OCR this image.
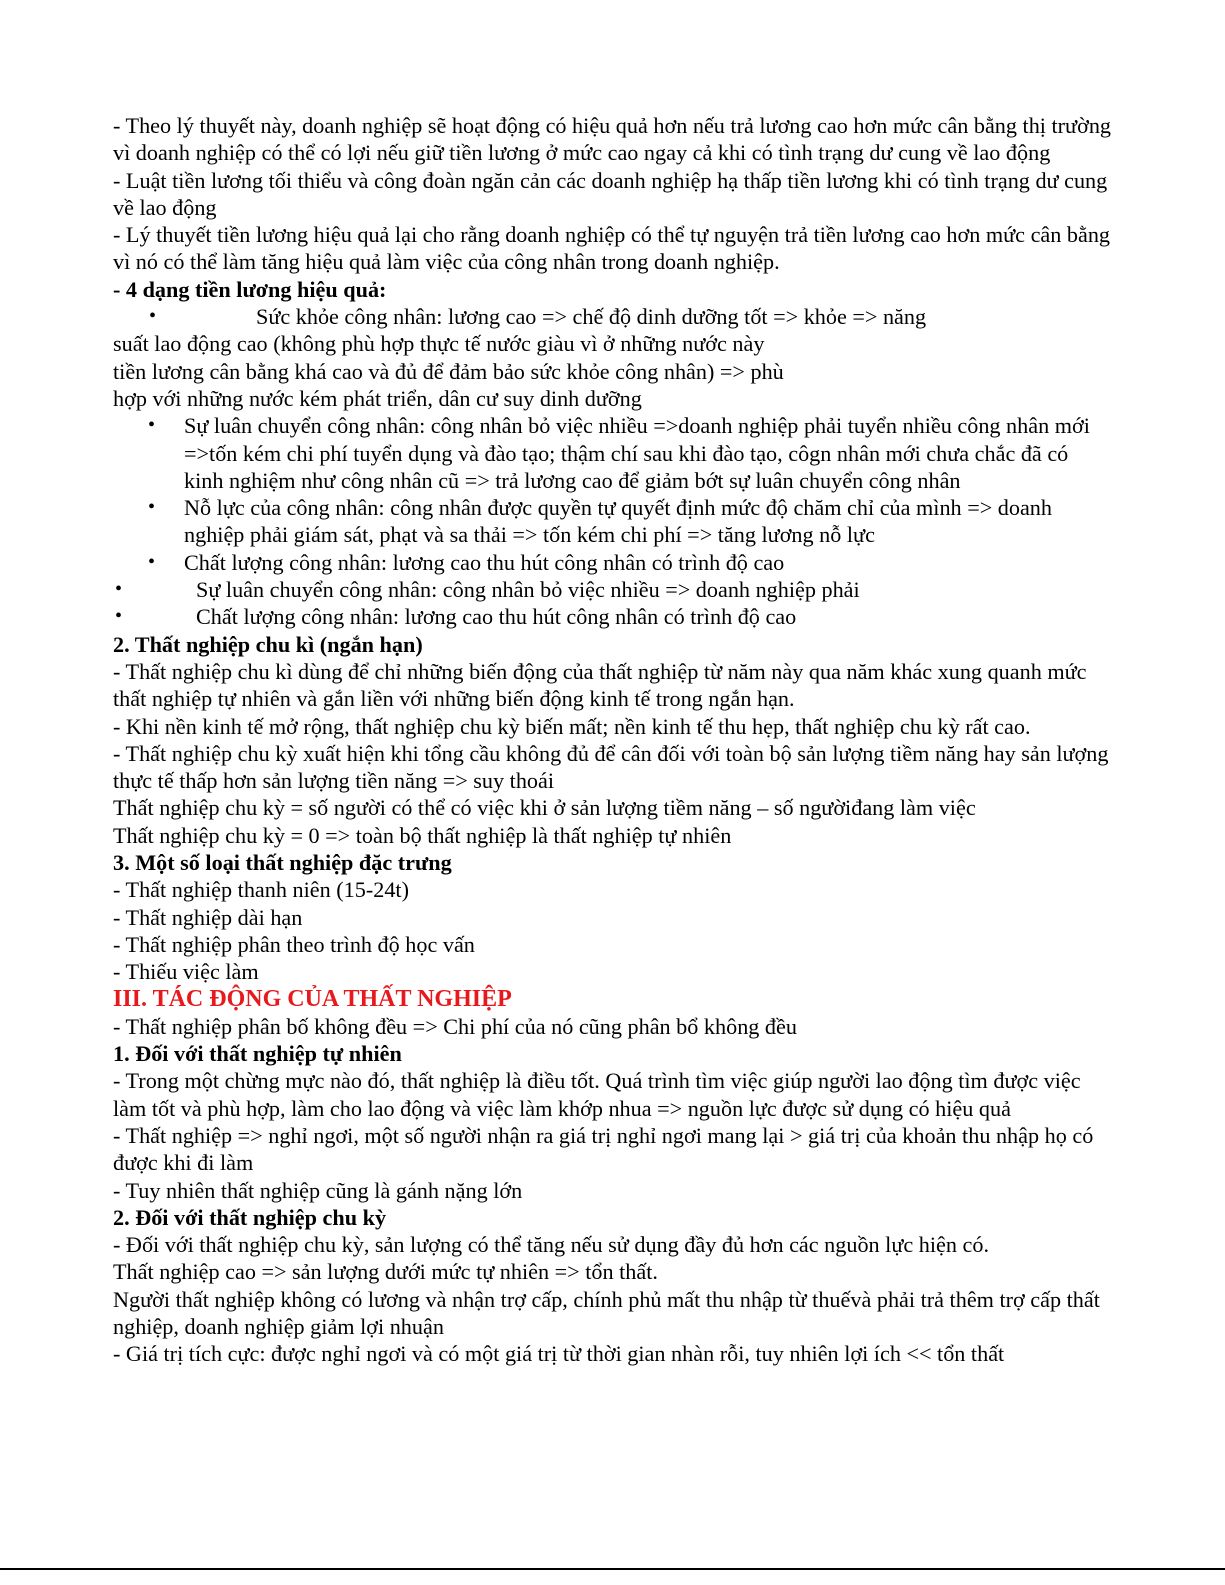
- Theo lý thuyết này, doanh nghiệp sẽ hoạt động có hiệu quả hơn nếu trả lương cao hơn mức cân bằng thị trường vì doanh nghiệp có thể có lợi nếu giữ tiền lương ở mức cao ngay cả khi có tình trạng dư cung về lao động

- Luật tiền lương tối thiểu và công đoàn ngăn cản các doanh nghiệp hạ thấp tiền lương khi có tình trạng dư cung về lao động

- Lý thuyết tiền lương hiệu quả lại cho rằng doanh nghiệp có thể tự nguyện trả tiền lương cao hơn mức cân bằng vì nó có thể làm tăng hiệu quả làm việc của công nhân trong doanh nghiệp.

- 4 dạng tiền lương hiệu quả:

•	Sức khỏe công nhân: lương cao => chế độ dinh dưỡng tốt => khỏe => năng

suất lao động cao (không phù hợp thực tế nước giàu vì ở những nước này

tiền lương cân bằng khá cao và đủ để đảm bảo sức khỏe công nhân) => phù

hợp với những nước kém phát triển, dân cư suy dinh dưỡng

• Sự luân chuyển công nhân: công nhân bỏ việc nhiều =>doanh nghiệp phải tuyển nhiều công nhân mới =>tốn kém chi phí tuyển dụng và đào tạo; thậm chí sau khi đào tạo, côgn nhân mới chưa chắc đã có kinh nghiệm như công nhân cũ => trả lương cao để giảm bớt sự luân chuyển công nhân
• Nỗ lực của công nhân: công nhân được quyền tự quyết định mức độ chăm chỉ của mình => doanh nghiệp phải giám sát, phạt và sa thải => tốn kém chi phí => tăng lương nỗ lực
• Chất lượng công nhân: lương cao thu hút công nhân có trình độ cao
•	Sự luân chuyển công nhân: công nhân bỏ việc nhiều => doanh nghiệp phải
•	Chất lượng công nhân: lương cao thu hút công nhân có trình độ cao

2. Thất nghiệp chu kì (ngắn hạn)

- Thất nghiệp chu kì dùng để chỉ những biến động của thất nghiệp từ năm này qua năm khác xung quanh mức thất nghiệp tự nhiên và gắn liền với những biến động kinh tế trong ngắn hạn.

- Khi nền kinh tế mở rộng, thất nghiệp chu kỳ biến mất; nền kinh tế thu hẹp, thất nghiệp chu kỳ rất cao.

- Thất nghiệp chu kỳ xuất hiện khi tổng cầu không đủ để cân đối với toàn bộ sản lượng tiềm năng hay sản lượng thực tế thấp hơn sản lượng tiền năng => suy thoái

Thất nghiệp chu kỳ = số người có thể có việc khi ở sản lượng tiềm năng – số ngườiđang làm việc

Thất nghiệp chu kỳ = 0 => toàn bộ thất nghiệp là thất nghiệp tự nhiên

3. Một số loại thất nghiệp đặc trưng

- Thất nghiệp thanh niên (15-24t)

- Thất nghiệp dài hạn

- Thất nghiệp phân theo trình độ học vấn

- Thiếu việc làm

III. TÁC ĐỘNG CỦA THẤT NGHIỆP

- Thất nghiệp phân bố không đều => Chi phí của nó cũng phân bổ không đều

1. Đối với thất nghiệp tự nhiên

- Trong một chừng mực nào đó, thất nghiệp là điều tốt. Quá trình tìm việc giúp người lao động tìm được việc làm tốt và phù hợp, làm cho lao động và việc làm khớp nhua => nguồn lực được sử dụng có hiệu quả

- Thất nghiệp => nghỉ ngơi, một số người nhận ra giá trị nghỉ ngơi mang lại > giá trị của khoản thu nhập họ có được khi đi làm

- Tuy nhiên thất nghiệp cũng là gánh nặng lớn

2. Đối với thất nghiệp chu kỳ

- Đối với thất nghiệp chu kỳ, sản lượng có thể tăng nếu sử dụng đầy đủ hơn các nguồn lực hiện có.

Thất nghiệp cao => sản lượng dưới mức tự nhiên => tổn thất.

Người thất nghiệp không có lương và nhận trợ cấp, chính phủ mất thu nhập từ thuếvà phải trả thêm trợ cấp thất nghiệp, doanh nghiệp giảm lợi nhuận

- Giá trị tích cực: được nghỉ ngơi và có một giá trị từ thời gian nhàn rỗi, tuy nhiên lợi ích << tổn thất
